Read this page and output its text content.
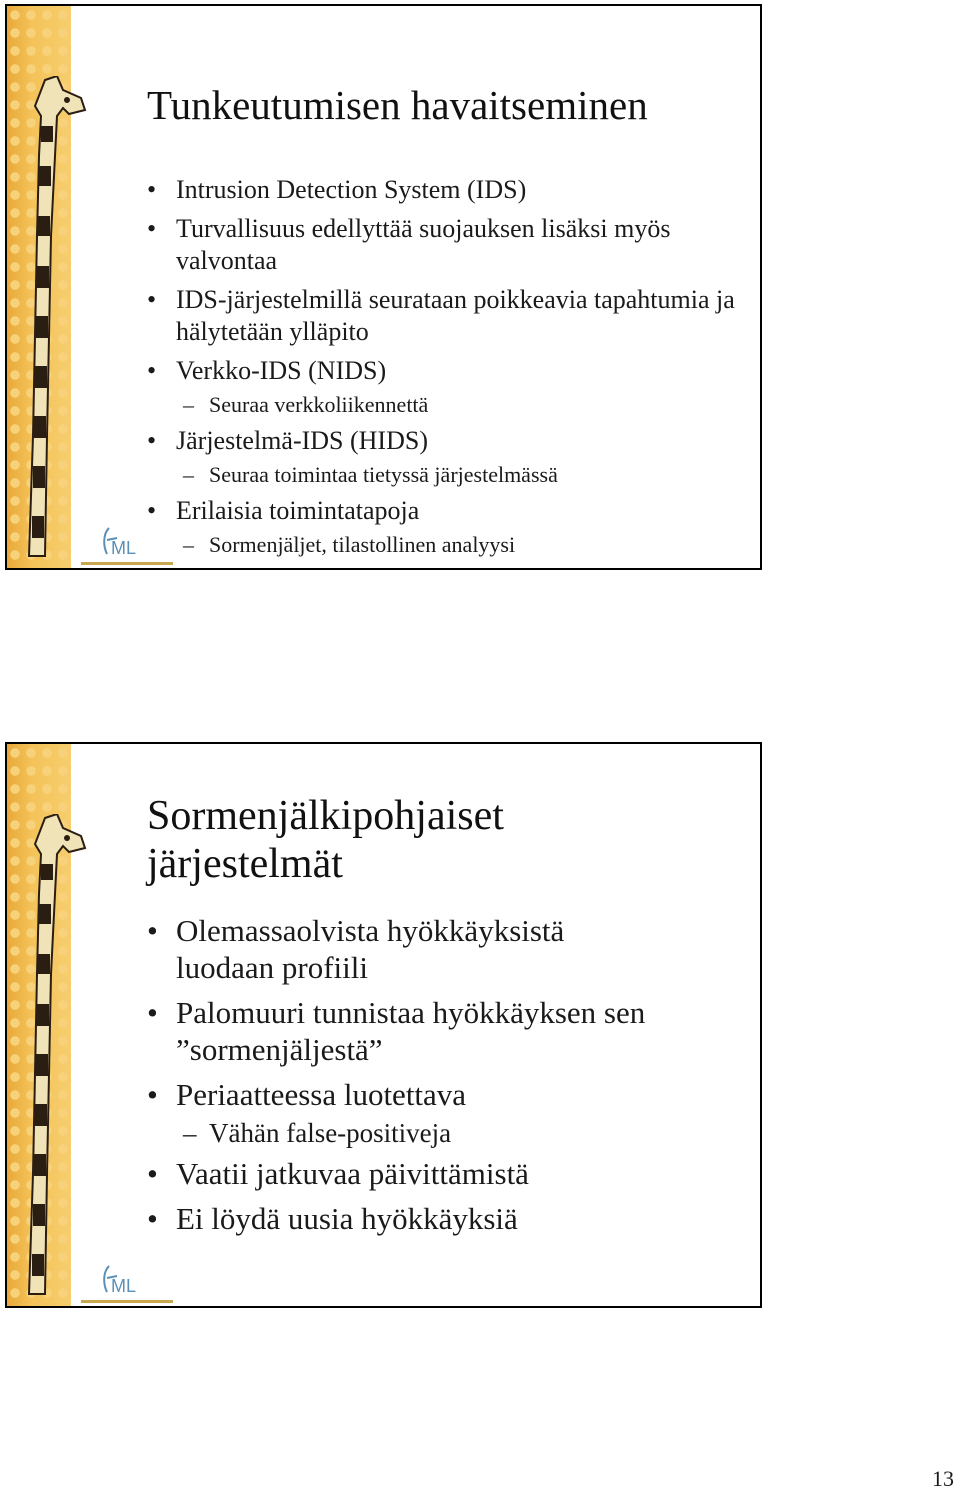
ML
Tunkeutumisen havaitseminen
• Intrusion Detection System (IDS)
• Turvallisuus edellyttää suojauksen lisäksi myös valvontaa
• IDS-järjestelmillä seurataan poikkeavia tapahtumia ja hälytetään ylläpito
• Verkko-IDS (NIDS)
– Seuraa verkkoliikennettä
• Järjestelmä-IDS (HIDS)
– Seuraa toimintaa tietyssä järjestelmässä
• Erilaisia toimintatapoja
– Sormenjäljet, tilastollinen analyysi
ML
Sormenjälkipohjaiset järjestelmät
• Olemassaolvista hyökkäyksistä luodaan profiili
• Palomuuri tunnistaa hyökkäyksen sen ”sormenjäljestä”
• Periaatteessa luotettava
– Vähän false-positiveja
• Vaatii jatkuvaa päivittämistä
• Ei löydä uusia hyökkäyksiä
13
